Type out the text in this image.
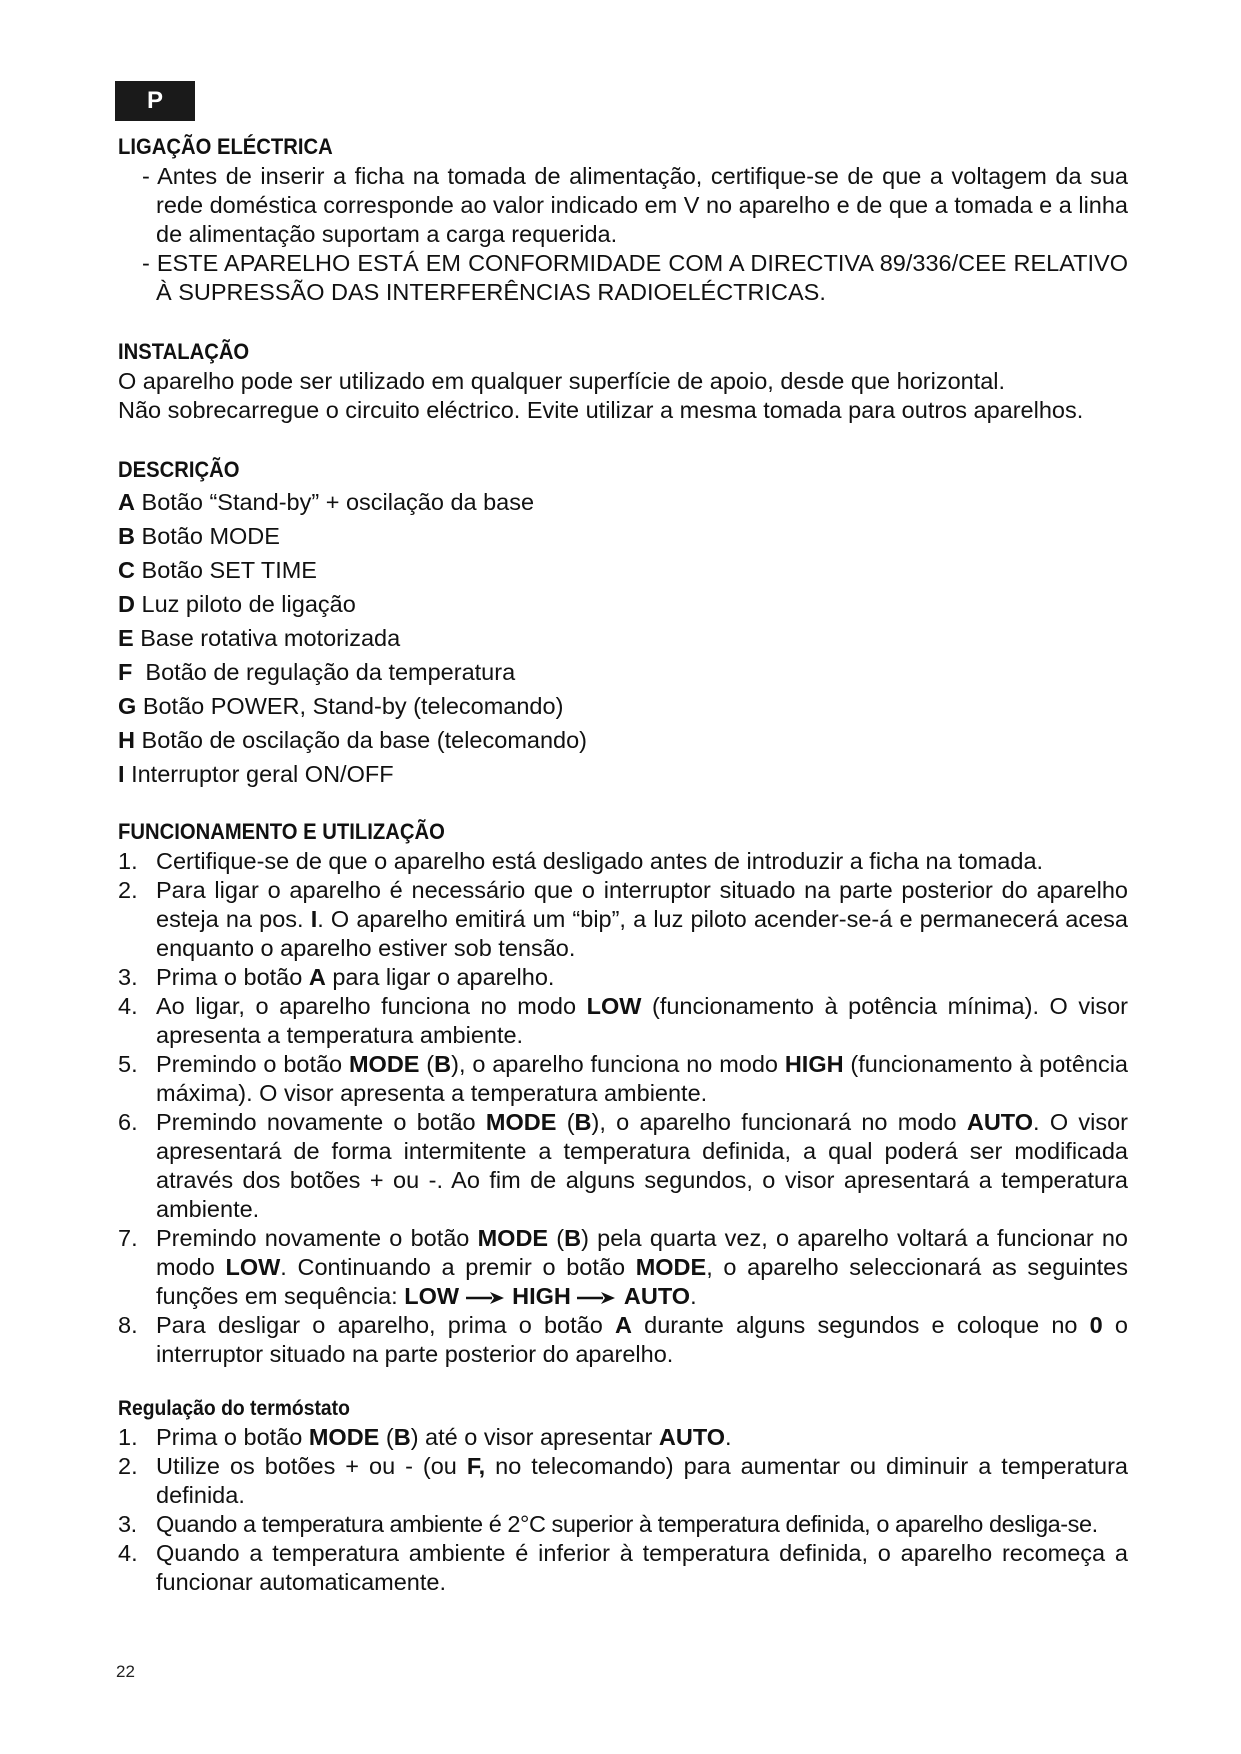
P
LIGAÇÃO ELÉCTRICA

- Antes de inserir a ficha na tomada de alimentação, certifique-se de que a voltagem da sua rede doméstica corresponde ao valor indicado em V no aparelho e de que a tomada e a linha de alimentação suportam a carga requerida.

- ESTE APARELHO ESTÁ EM CONFORMIDADE COM A DIRECTIVA 89/336/CEE RELATIVO À SUPRESSÃO DAS INTERFERÊNCIAS RADIOELÉCTRICAS.

INSTALAÇÃO

O aparelho pode ser utilizado em qualquer superfície de apoio, desde que horizontal.

Não sobrecarregue o circuito eléctrico. Evite utilizar a mesma tomada para outros aparelhos.

DESCRIÇÃO

A Botão “Stand-by” + oscilação da base

B Botão MODE

C Botão SET TIME

D Luz piloto de ligação

E Base rotativa motorizada

F Botão de regulação da temperatura

G Botão POWER, Stand-by (telecomando)

H Botão de oscilação da base (telecomando)

I Interruptor geral ON/OFF

FUNCIONAMENTO E UTILIZAÇÃO
1. Certifique-se de que o aparelho está desligado antes de introduzir a ficha na tomada.
2. Para ligar o aparelho é necessário que o interruptor situado na parte posterior do aparelho esteja na pos. I. O aparelho emitirá um “bip”, a luz piloto acender-se-á e permanecerá acesa enquanto o aparelho estiver sob tensão.
3. Prima o botão A para ligar o aparelho.
4. Ao ligar, o aparelho funciona no modo LOW (funcionamento à potência mínima). O visor apresenta a temperatura ambiente.
5. Premindo o botão MODE (B), o aparelho funciona no modo HIGH (funcionamento à potência máxima). O visor apresenta a temperatura ambiente.
6. Premindo novamente o botão MODE (B), o aparelho funcionará no modo AUTO. O visor apresentará de forma intermitente a temperatura definida, a qual poderá ser modificada através dos botões + ou -. Ao fim de alguns segundos, o visor apresentará a temperatura ambiente.
7. Premindo novamente o botão MODE (B) pela quarta vez, o aparelho voltará a funcionar no modo LOW. Continuando a premir o botão MODE, o aparelho seleccionará as seguintes funções em sequência: LOW HIGH AUTO.
8. Para desligar o aparelho, prima o botão A durante alguns segundos e coloque no 0 o interruptor situado na parte posterior do aparelho.
Regulação do termóstato
1. Prima o botão MODE (B) até o visor apresentar AUTO.
2. Utilize os botões + ou - (ou F, no telecomando) para aumentar ou diminuir a temperatura definida.
3. Quando a temperatura ambiente é 2°C superior à temperatura definida, o aparelho desliga-se.
4. Quando a temperatura ambiente é inferior à temperatura definida, o aparelho recomeça a funcionar automaticamente.
22
